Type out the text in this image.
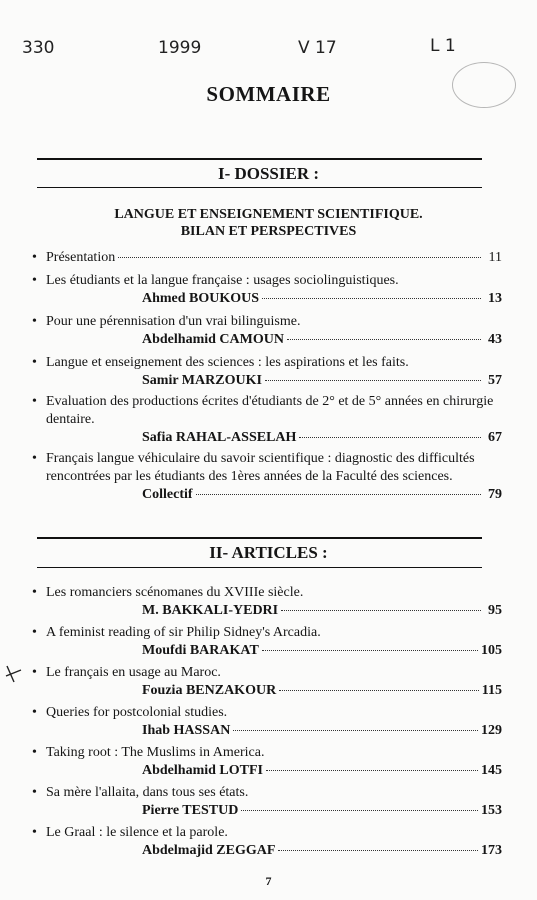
330	1999	V 17	L 1
SOMMAIRE
I- DOSSIER :
LANGUE ET ENSEIGNEMENT SCIENTIFIQUE.
BILAN ET PERSPECTIVES
• Présentation	11
• Les étudiants et la langue française : usages sociolinguistiques.
Ahmed BOUKOUS	13
• Pour une pérennisation d'un vrai bilinguisme.
Abdelhamid CAMOUN	43
• Langue et enseignement des sciences : les aspirations et les faits.
Samir MARZOUKI	57
• Evaluation des productions écrites d'étudiants de 2° et de 5° années en chirurgie dentaire.
Safia RAHAL-ASSELAH	67
• Français langue véhiculaire du savoir scientifique : diagnostic des difficultés rencontrées par les étudiants des 1ères années de la Faculté des sciences.
Collectif	79
II- ARTICLES :
• Les romanciers scénomanes du XVIIIe siècle.
M. BAKKALI-YEDRI	95
• A feminist reading of sir Philip Sidney's Arcadia.
Moufdi BARAKAT	105
• Le français en usage au Maroc.
Fouzia BENZAKOUR	115
• Queries for postcolonial studies.
Ihab HASSAN	129
• Taking root : The Muslims in America.
Abdelhamid LOTFI	145
• Sa mère l'allaita, dans tous ses états.
Pierre TESTUD	153
• Le Graal : le silence et la parole.
Abdelmajid ZEGGAF	173
7
